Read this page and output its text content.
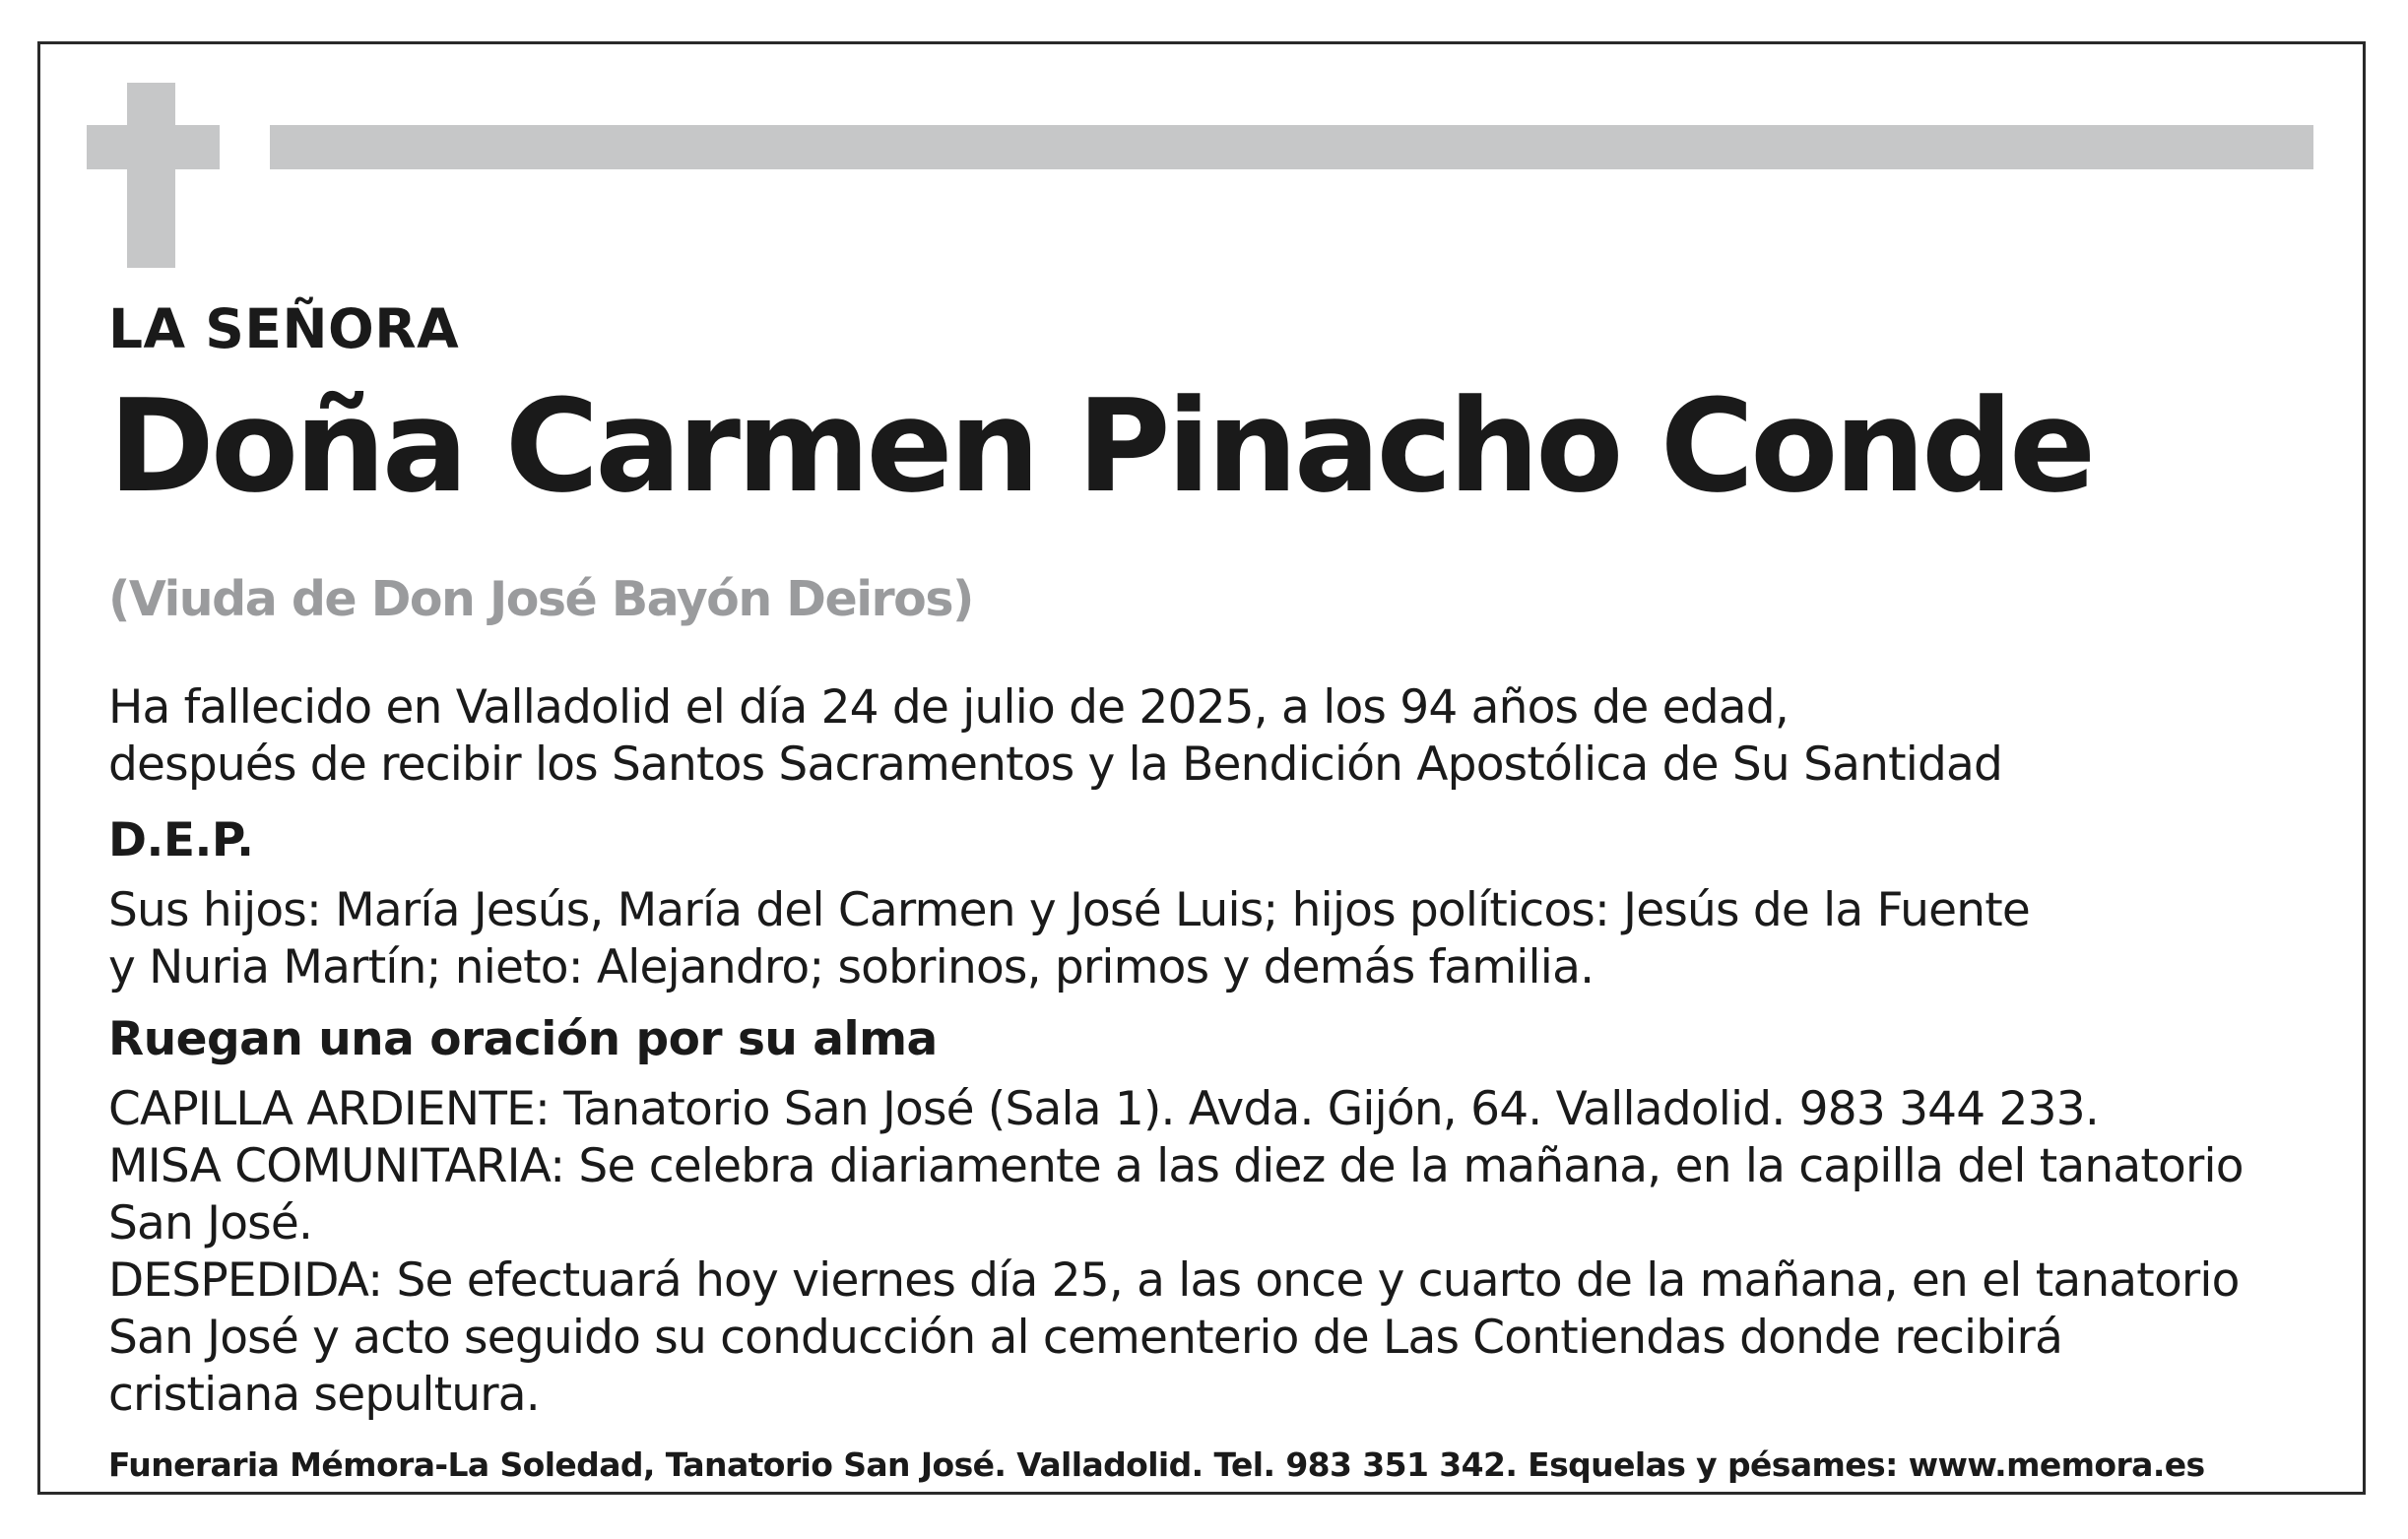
LA SEÑORA
Doña Carmen Pinacho Conde
(Viuda de Don José Bayón Deiros)
Ha fallecido en Valladolid el día 24 de julio de 2025, a los 94 años de edad,
después de recibir los Santos Sacramentos y la Bendición Apostólica de Su Santidad
D.E.P.
Sus hijos: María Jesús, María del Carmen y José Luis; hijos políticos: Jesús de la Fuente
y Nuria Martín; nieto: Alejandro; sobrinos, primos y demás familia.
Ruegan una oración por su alma
CAPILLA ARDIENTE: Tanatorio San José (Sala 1). Avda. Gijón, 64. Valladolid. 983 344 233.
MISA COMUNITARIA: Se celebra diariamente a las diez de la mañana, en la capilla del tanatorio
San José.
DESPEDIDA: Se efectuará hoy viernes día 25, a las once y cuarto de la mañana, en el tanatorio
San José y acto seguido su conducción al cementerio de Las Contiendas donde recibirá
cristiana sepultura.
Funeraria Mémora-La Soledad, Tanatorio San José. Valladolid. Tel. 983 351 342. Esquelas y pésames: www.memora.es
